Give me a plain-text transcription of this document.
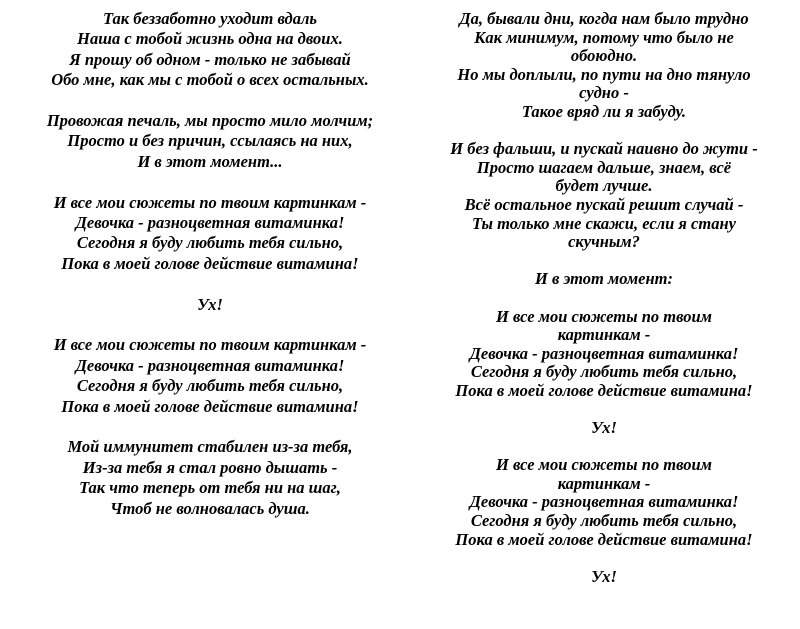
Так беззаботно уходит вдаль
Наша с тобой жизнь одна на двоих.
Я прошу об одном - только не забывай
Обо мне, как мы с тобой о всех остальных.
Провожая печаль, мы просто мило молчим;
Просто и без причин, ссылаясь на них,
И в этот момент...
И все мои сюжеты по твоим картинкам -
Девочка - разноцветная витаминка!
Сегодня я буду любить тебя сильно,
Пока в моей голове действие витамина!
Ух!
И все мои сюжеты по твоим картинкам -
Девочка - разноцветная витаминка!
Сегодня я буду любить тебя сильно,
Пока в моей голове действие витамина!
Мой иммунитет стабилен из-за тебя,
Из-за тебя я стал ровно дышать -
Так что теперь от тебя ни на шаг,
Чтоб не волновалась душа.
Да, бывали дни, когда нам было трудно
Как минимум, потому что было не
обоюдно.
Но мы доплыли, по пути на дно тянуло
судно -
Такое вряд ли я забуду.
И без фальши, и пускай наивно до жути -
Просто шагаем дальше, знаем, всё
будет лучше.
Всё остальное пускай решит случай -
Ты только мне скажи, если я стану
скучным?
И в этот момент:
И все мои сюжеты по твоим
картинкам -
Девочка - разноцветная витаминка!
Сегодня я буду любить тебя сильно,
Пока в моей голове действие витамина!
Ух!
И все мои сюжеты по твоим
картинкам -
Девочка - разноцветная витаминка!
Сегодня я буду любить тебя сильно,
Пока в моей голове действие витамина!
Ух!
